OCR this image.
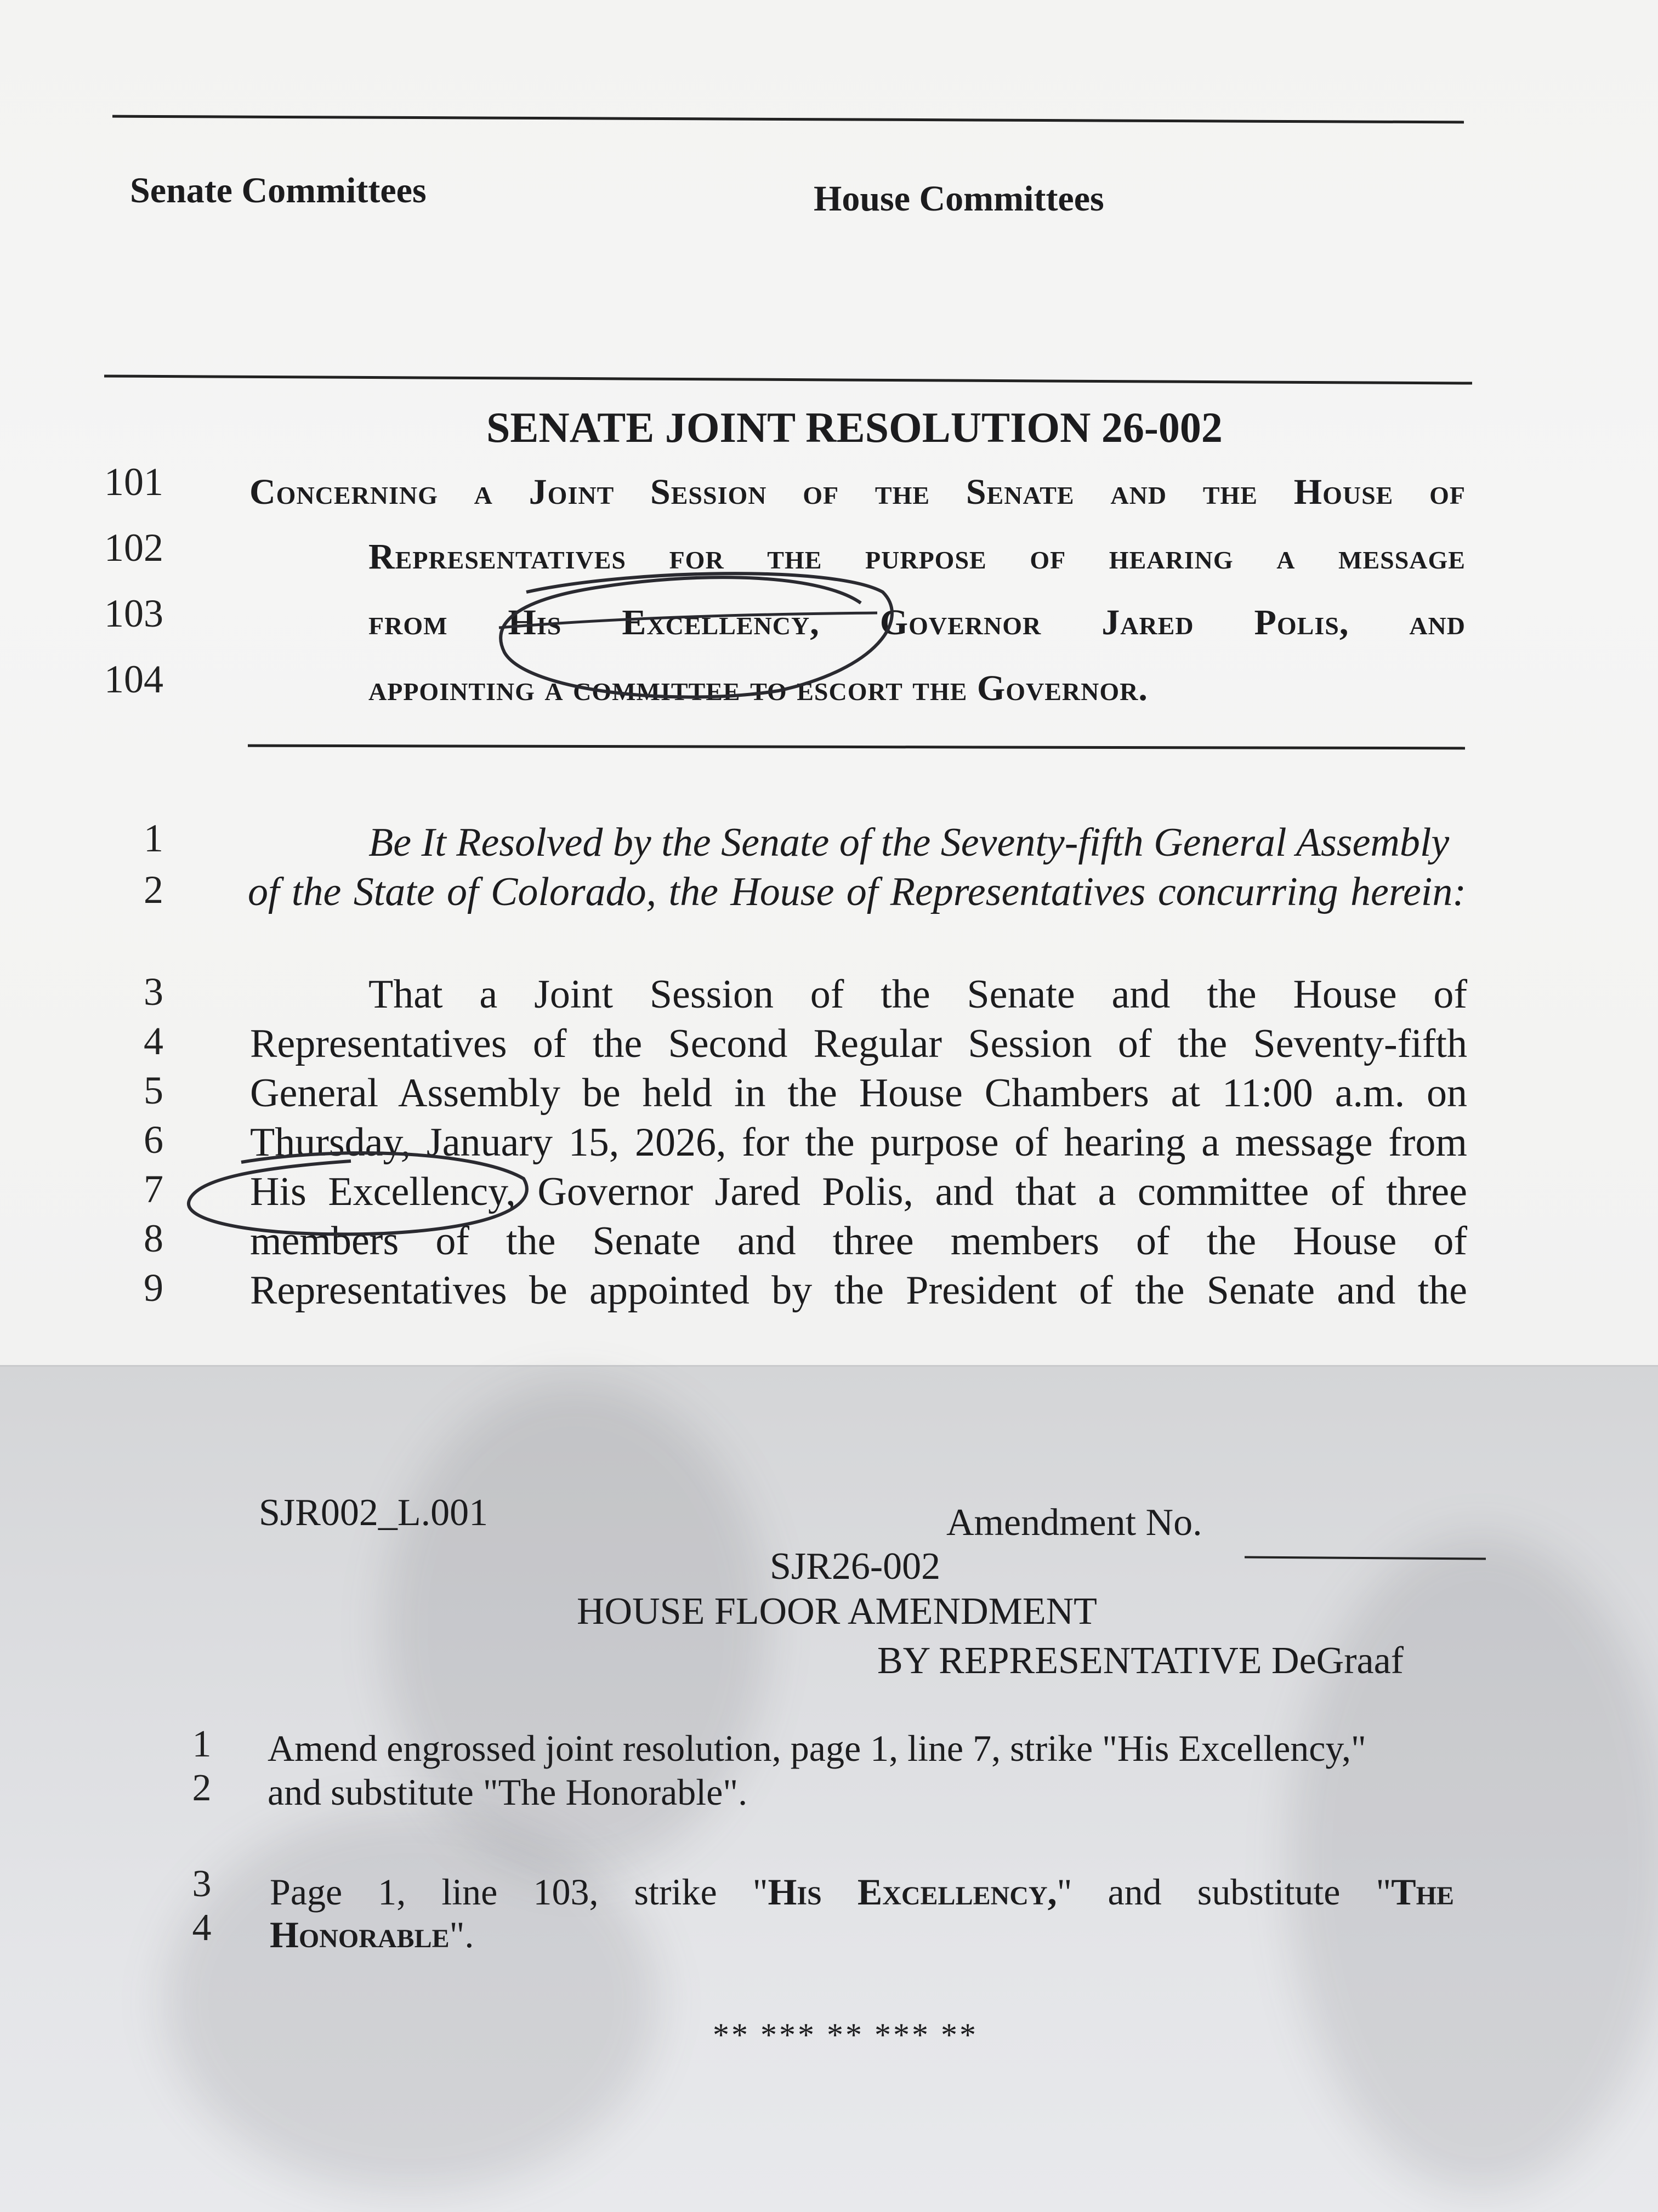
Senate Committees	House Committees
SENATE JOINT RESOLUTION 26-002
101 Concerning a Joint Session of the Senate and the House of
102	Representatives for the purpose of hearing a message
103	from His Excellency, Governor Jared Polis, and
104	appointing a committee to escort the Governor.
1	Be It Resolved by the Senate of the Seventy-fifth General Assembly
2 of the State of Colorado, the House of Representatives concurring herein:
3	That a Joint Session of the Senate and the House of
4 Representatives of the Second Regular Session of the Seventy-fifth
5 General Assembly be held in the House Chambers at 11:00 a.m. on
6 Thursday, January 15, 2026, for the purpose of hearing a message from
7 His Excellency, Governor Jared Polis, and that a committee of three
8 members of the Senate and three members of the House of
9 Representatives be appointed by the President of the Senate and the
SJR002_L.001	Amendment No.
SJR26-002
HOUSE FLOOR AMENDMENT
BY REPRESENTATIVE DeGraaf
1	Amend engrossed joint resolution, page 1, line 7, strike "His Excellency,"
2	and substitute "The Honorable".
3	Page 1, line 103, strike "His Excellency," and substitute "The
4	Honorable".
** *** ** *** **
